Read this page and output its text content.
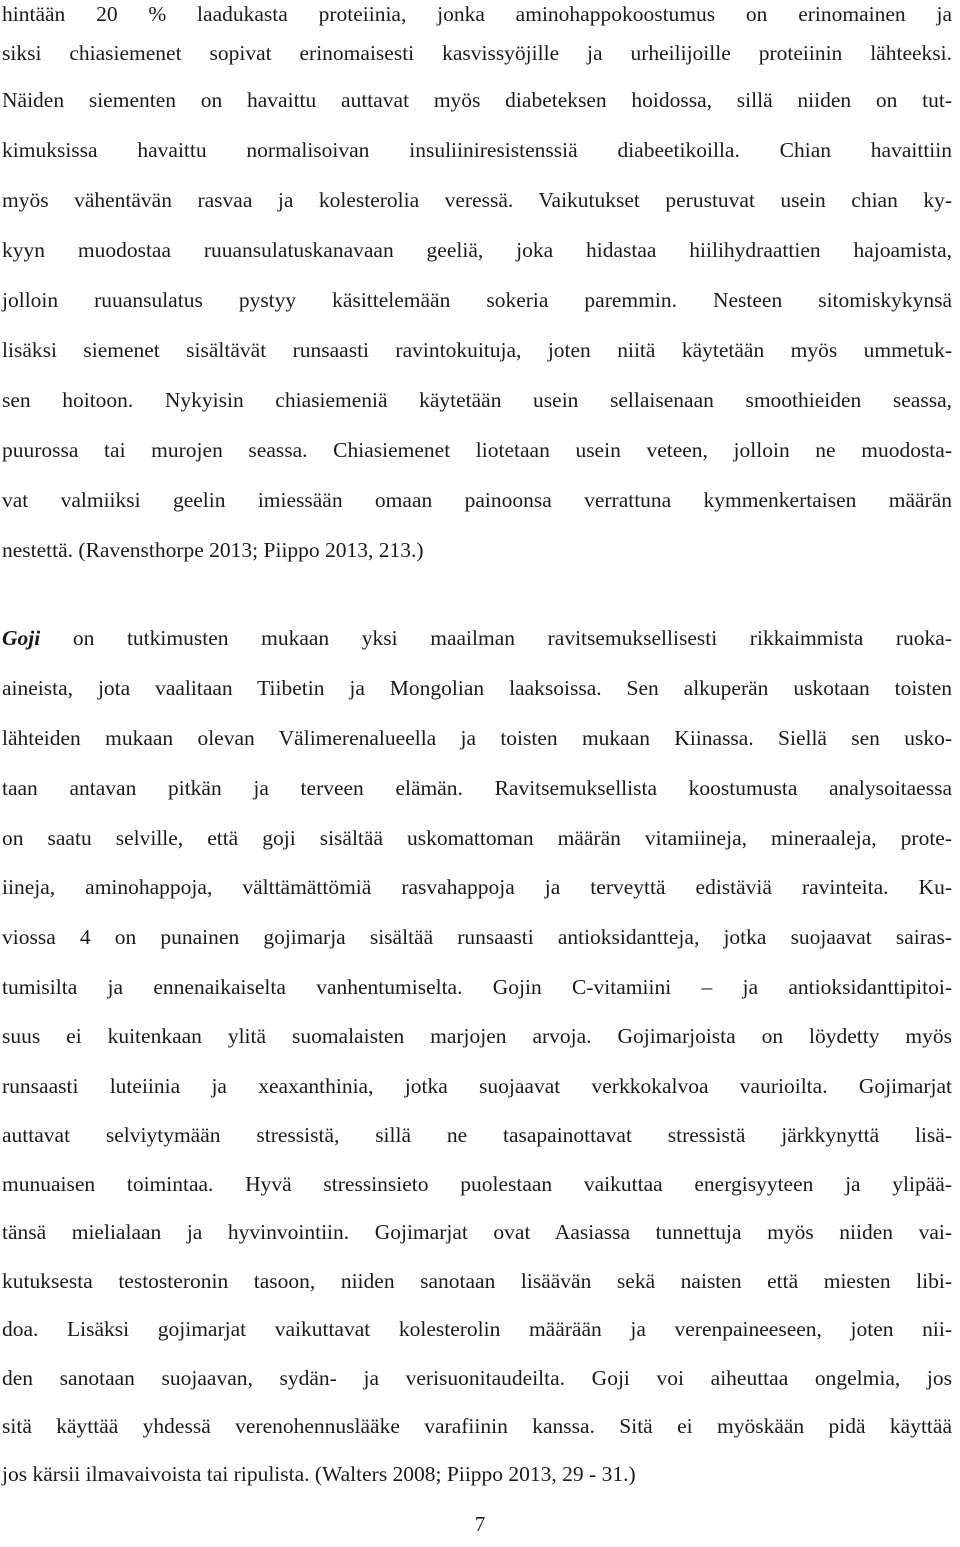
hintään 20 % laadukasta proteiinia, jonka aminohappokoostumus on erinomainen ja
siksi chiasiemenet sopivat erinomaisesti kasvissyöjille ja urheilijoille proteiinin lähteeksi.
Näiden siementen on havaittu auttavat myös diabeteksen hoidossa, sillä niiden on tut-
kimuksissa havaittu normalisoivan insuliiniresistenssiä diabeetikoilla. Chian havaittiin
myös vähentävän rasvaa ja kolesterolia veressä. Vaikutukset perustuvat usein chian ky-
kyyn muodostaa ruuansulatuskanavaan geeliä, joka hidastaa hiilihydraattien hajoamista,
jolloin ruuansulatus pystyy käsittelemään sokeria paremmin. Nesteen sitomiskykynsä
lisäksi siemenet sisältävät runsaasti ravintokuituja, joten niitä käytetään myös ummetuk-
sen hoitoon. Nykyisin chiasiemeniä käytetään usein sellaisenaan smoothieiden seassa,
puurossa tai murojen seassa. Chiasiemenet liotetaan usein veteen, jolloin ne muodosta-
vat valmiiksi geelin imiessään omaan painoonsa verrattuna kymmenkertaisen määrän
nestettä. (Ravensthorpe 2013; Piippo 2013, 213.)
Goji on tutkimusten mukaan yksi maailman ravitsemuksellisesti rikkaimmista ruoka-
aineista, jota vaalitaan Tiibetin ja Mongolian laaksoissa. Sen alkuperän uskotaan toisten
lähteiden mukaan olevan Välimerenalueella ja toisten mukaan Kiinassa. Siellä sen usko-
taan antavan pitkän ja terveen elämän. Ravitsemuksellista koostumusta analysoitaessa
on saatu selville, että goji sisältää uskomattoman määrän vitamiineja, mineraaleja, prote-
iineja, aminohappoja, välttämättömiä rasvahappoja ja terveyttä edistäviä ravinteita. Ku-
viossa 4 on punainen gojimarja sisältää runsaasti antioksidantteja, jotka suojaavat sairas-
tumisilta ja ennenaikaiselta vanhentumiselta. Gojin C-vitamiini – ja antioksidanttipitoi-
suus ei kuitenkaan ylitä suomalaisten marjojen arvoja. Gojimarjoista on löydetty myös
runsaasti luteiinia ja xeaxanthinia, jotka suojaavat verkkokalvoa vaurioilta. Gojimarjat
auttavat selviytymään stressistä, sillä ne tasapainottavat stressistä järkkynyttä lisä-
munuaisen toimintaa. Hyvä stressinsieto puolestaan vaikuttaa energisyyteen ja ylipää-
tänsä mielialaan ja hyvinvointiin. Gojimarjat ovat Aasiassa tunnettuja myös niiden vai-
kutuksesta testosteronin tasoon, niiden sanotaan lisäävän sekä naisten että miesten libi-
doa. Lisäksi gojimarjat vaikuttavat kolesterolin määrään ja verenpaineeseen, joten nii-
den sanotaan suojaavan, sydän- ja verisuonitaudeilta. Goji voi aiheuttaa ongelmia, jos
sitä käyttää yhdessä verenohennuslääke varafiinin kanssa. Sitä ei myöskään pidä käyttää
jos kärsii ilmavaivoista tai ripulista. (Walters 2008; Piippo 2013, 29 - 31.)
7
